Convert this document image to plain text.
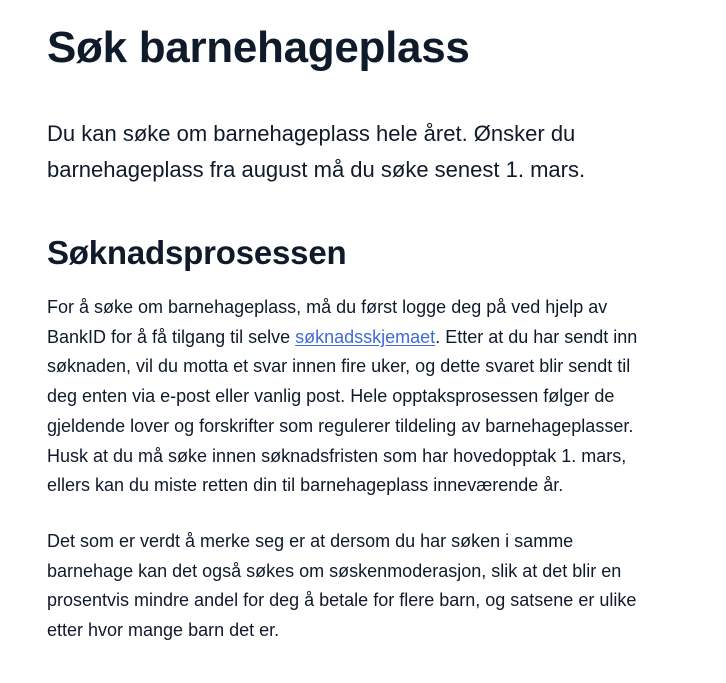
Søk barnehageplass

Du kan søke om barnehageplass hele året. Ønsker du barnehageplass fra august må du søke senest 1. mars.

Søknadsprosessen

For å søke om barnehageplass, må du først logge deg på ved hjelp av BankID for å få tilgang til selve søknadsskjemaet. Etter at du har sendt inn søknaden, vil du motta et svar innen fire uker, og dette svaret blir sendt til deg enten via e-post eller vanlig post. Hele opptaksprosessen følger de gjeldende lover og forskrifter som regulerer tildeling av barnehageplasser. Husk at du må søke innen søknadsfristen som har hovedopptak 1. mars, ellers kan du miste retten din til barnehageplass inneværende år.

Det som er verdt å merke seg er at dersom du har søken i samme barnehage kan det også søkes om søskenmoderasjon, slik at det blir en prosentvis mindre andel for deg å betale for flere barn, og satsene er ulike etter hvor mange barn det er.
